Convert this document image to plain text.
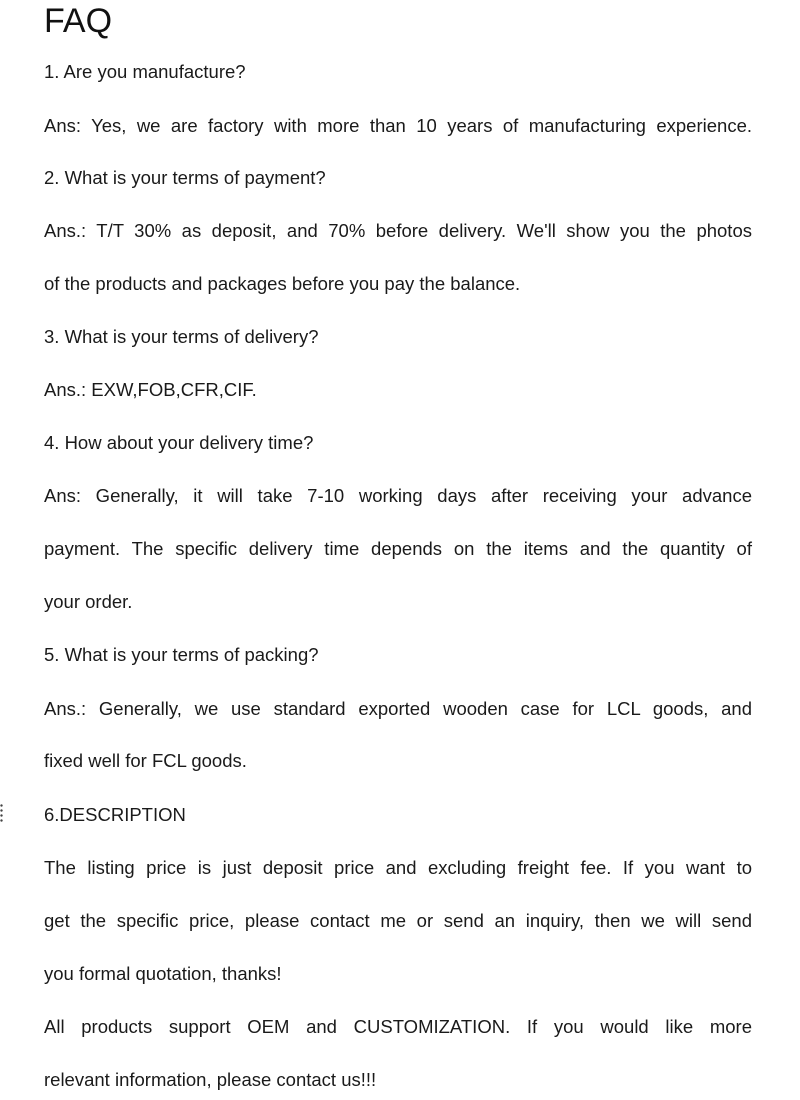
FAQ
1. Are you manufacture?
Ans: Yes, we are factory with more than 10 years of manufacturing experience.
2. What is your terms of payment?
Ans.: T/T 30% as deposit, and 70% before delivery. We'll show you the photos
of the products and packages before you pay the balance.
3. What is your terms of delivery?
Ans.: EXW,FOB,CFR,CIF.
4. How about your delivery time?
Ans: Generally, it will take 7-10 working days after receiving your advance
payment. The specific delivery time depends on the items and the quantity of
your order.
5. What is your terms of packing?
Ans.: Generally, we use standard exported wooden case for LCL goods, and
fixed well for FCL goods.
6.DESCRIPTION
The listing price is just deposit price and excluding freight fee. If you want to
get the specific price, please contact me or send an inquiry, then we will send
you formal quotation, thanks!
All products support OEM and CUSTOMIZATION. If you would like more
relevant information, please contact us!!!
